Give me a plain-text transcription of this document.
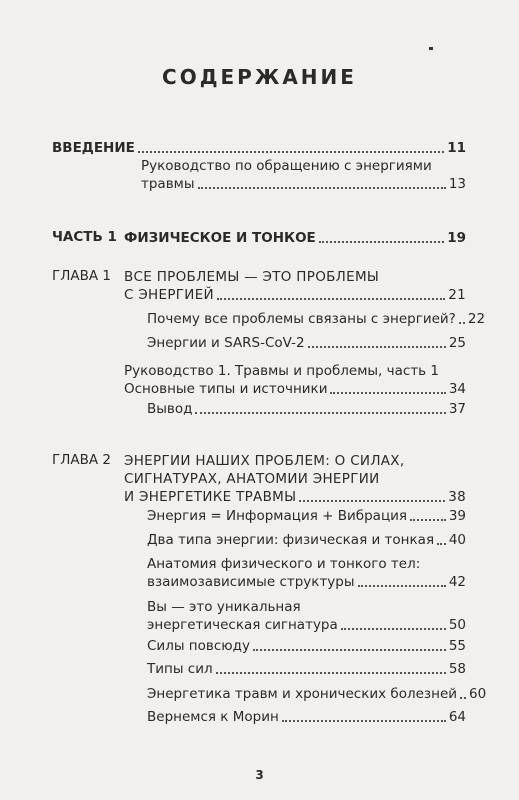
СОДЕРЖАНИЕ
ВВЕДЕНИЕ	11
Руководство по обращению с энергиями
травмы	13
ЧАСТЬ 1 ФИЗИЧЕСКОЕ И ТОНКОЕ	19
ГЛАВА 1 ВСЕ ПРОБЛЕМЫ — ЭТО ПРОБЛЕМЫ
С ЭНЕРГИЕЙ	21
Почему все проблемы связаны с энергией? 22
Энергии и SARS-CoV-2	25
Руководство 1. Травмы и проблемы, часть 1
Основные типы и источники	34
Вывод	37
ГЛАВА 2 ЭНЕРГИИ НАШИХ ПРОБЛЕМ: О СИЛАХ,
СИГНАТУРАХ, АНАТОМИИ ЭНЕРГИИ
И ЭНЕРГЕТИКЕ ТРАВМЫ	38
Энергия = Информация + Вибрация	39
Два типа энергии: физическая и тонкая 40
Анатомия физического и тонкого тел:
взаимозависимые структуры	42
Вы — это уникальная
энергетическая сигнатура	50
Силы повсюду	55
Типы сил	58
Энергетика травм и хронических болезней 60
Вернемся к Морин	64
3
